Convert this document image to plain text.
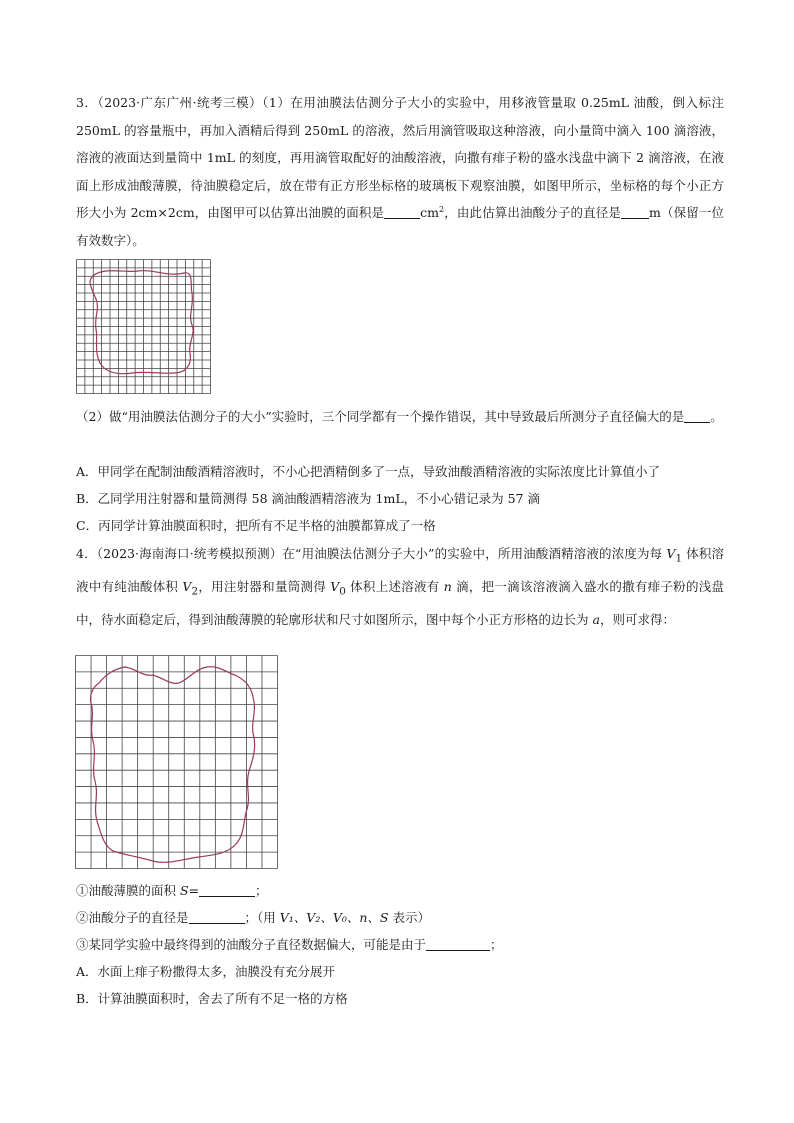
3．（2023·广东广州·统考三模）（1）在用油膜法估测分子大小的实验中，用移液管量取 0.25mL 油酸，倒入标注 250mL 的容量瓶中，再加入酒精后得到 250mL 的溶液，然后用滴管吸取这种溶液，向小量筒中滴入 100 滴溶液，溶液的液面达到量筒中 1mL 的刻度，再用滴管取配好的油酸溶液，向撒有痱子粉的盛水浅盘中滴下 2 滴溶液，在液面上形成油酸薄膜，待油膜稳定后，放在带有正方形坐标格的玻璃板下观察油膜，如图甲所示，坐标格的每个小正方形大小为 2cm×2cm，由图甲可以估算出油膜的面积是	$cm^2$，由此估算出油酸分子的直径是 m（保留一位有效数字）。

（2）做“用油膜法估测分子的大小”实验时，三个同学都有一个操作错误，其中导致最后所测分子直径偏大的是 。

A．甲同学在配制油酸酒精溶液时，不小心把酒精倒多了一点，导致油酸酒精溶液的实际浓度比计算值小了

B．乙同学用注射器和量筒测得 58 滴油酸酒精溶液为 1mL，不小心错记录为 57 滴

C．丙同学计算油膜面积时，把所有不足半格的油膜都算成了一格

4．（2023·海南海口·统考模拟预测）在“用油膜法估测分子大小”的实验中，所用油酸酒精溶液的浓度为每 $V_1$ 体积溶液中有纯油酸体积 $V_2$，用注射器和量筒测得 $V_0$ 体积上述溶液有 n 滴，把一滴该溶液滴入盛水的撒有痱子粉的浅盘中，待水面稳定后，得到油酸薄膜的轮廓形状和尺寸如图所示，图中每个小正方形格的边长为 a，则可求得：

①油酸薄膜的面积 S=	；

②油酸分子的直径是	；（用 V₁、V₂、V₀、n、S 表示）

③某同学实验中最终得到的油酸分子直径数据偏大，可能是由于	；

A．水面上痱子粉撒得太多，油膜没有充分展开

B．计算油膜面积时，舍去了所有不足一格的方格
